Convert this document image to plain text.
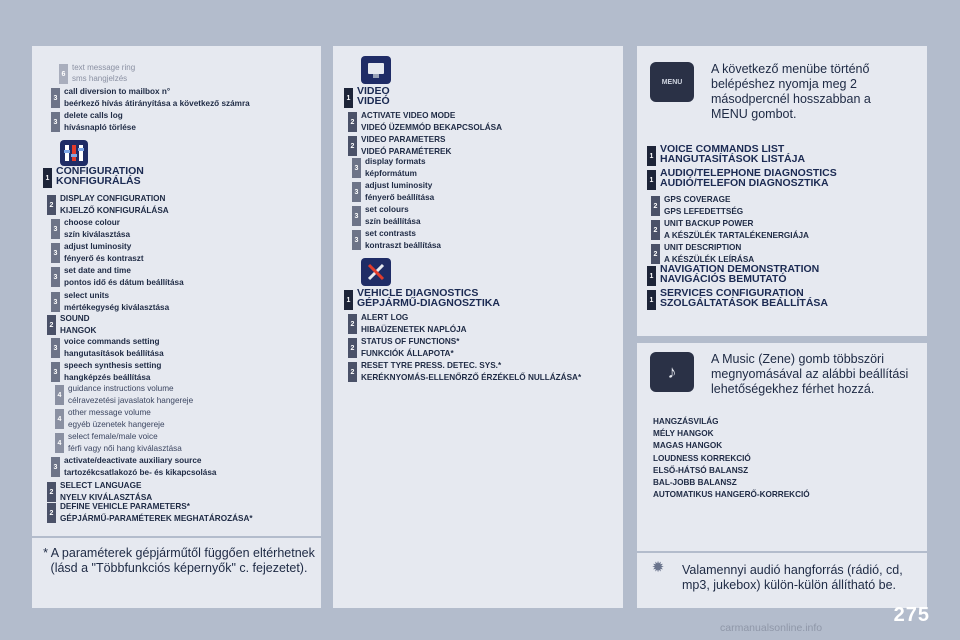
MENU
♪
✹
A következő menübe történő belépéshez nyomja meg 2 másodpercnél hosszabban a MENU gombot.
A Music (Zene) gomb többszöri megnyomásával az alábbi beállítási lehetőségekhez férhet hozzá.
Valamennyi audió hangforrás (rádió, cd, mp3, jukebox) külön-külön állítható be.
* A paraméterek gépjárműtől függően eltérhetnek (lásd a "Többfunkciós képernyők" c. fejezetet).
HANGZÁSVILÁG
MÉLY HANGOK
MAGAS HANGOK
LOUDNESS KORREKCIÓ
ELSŐ-HÁTSÓ BALANSZ
BAL-JOBB BALANSZ
AUTOMATIKUS HANGERŐ-KORREKCIÓ
275
carmanualsonline.info
6
text message ring
sms hangjelzés
3
call diversion to mailbox n°
beérkező hívás átirányítása a következő számra
3
delete calls log
hívásnapló törlése
1
CONFIGURATION
KONFIGURÁLÁS
2
DISPLAY CONFIGURATION
KIJELZŐ KONFIGURÁLÁSA
3
choose colour
szín kiválasztása
3
adjust luminosity
fényerő és kontraszt
3
set date and time
pontos idő és dátum beállítása
3
select units
mértékegység kiválasztása
2
SOUND
HANGOK
3
voice commands setting
hangutasítások beállítása
3
speech synthesis setting
hangképzés beállítása
4
guidance instructions volume
célravezetési javaslatok hangereje
4
other message volume
egyéb üzenetek hangereje
4
select female/male voice
férfi vagy női hang kiválasztása
3
activate/deactivate auxiliary source
tartozékcsatlakozó be- és kikapcsolása
2
SELECT LANGUAGE
NYELV KIVÁLASZTÁSA
2
DEFINE VEHICLE PARAMETERS*
GÉPJÁRMŰ-PARAMÉTEREK MEGHATÁROZÁSA*
1
VIDEO
VIDEÓ
2
ACTIVATE VIDEO MODE
VIDEÓ ÜZEMMÓD BEKAPCSOLÁSA
2
VIDEO PARAMETERS
VIDEÓ PARAMÉTEREK
3
display formats
képformátum
3
adjust luminosity
fényerő beállítása
3
set colours
szín beállítása
3
set contrasts
kontraszt beállítása
1
VEHICLE DIAGNOSTICS
GÉPJÁRMŰ-DIAGNOSZTIKA
2
ALERT LOG
HIBAÜZENETEK NAPLÓJA
2
STATUS OF FUNCTIONS*
FUNKCIÓK ÁLLAPOTA*
2
RESET TYRE PRESS. DETEC. SYS.*
KERÉKNYOMÁS-ELLENŐRZŐ ÉRZÉKELŐ NULLÁZÁSA*
1
VOICE COMMANDS LIST
HANGUTASÍTÁSOK LISTÁJA
1
AUDIO/TELEPHONE DIAGNOSTICS
AUDIÓ/TELEFON DIAGNOSZTIKA
2
GPS COVERAGE
GPS LEFEDETTSÉG
2
UNIT BACKUP POWER
A KÉSZÜLÉK TARTALÉKENERGIÁJA
2
UNIT DESCRIPTION
A KÉSZÜLÉK LEÍRÁSA
1
NAVIGATION DEMONSTRATION
NAVIGÁCIÓS BEMUTATÓ
1
SERVICES CONFIGURATION
SZOLGÁLTATÁSOK BEÁLLÍTÁSA
